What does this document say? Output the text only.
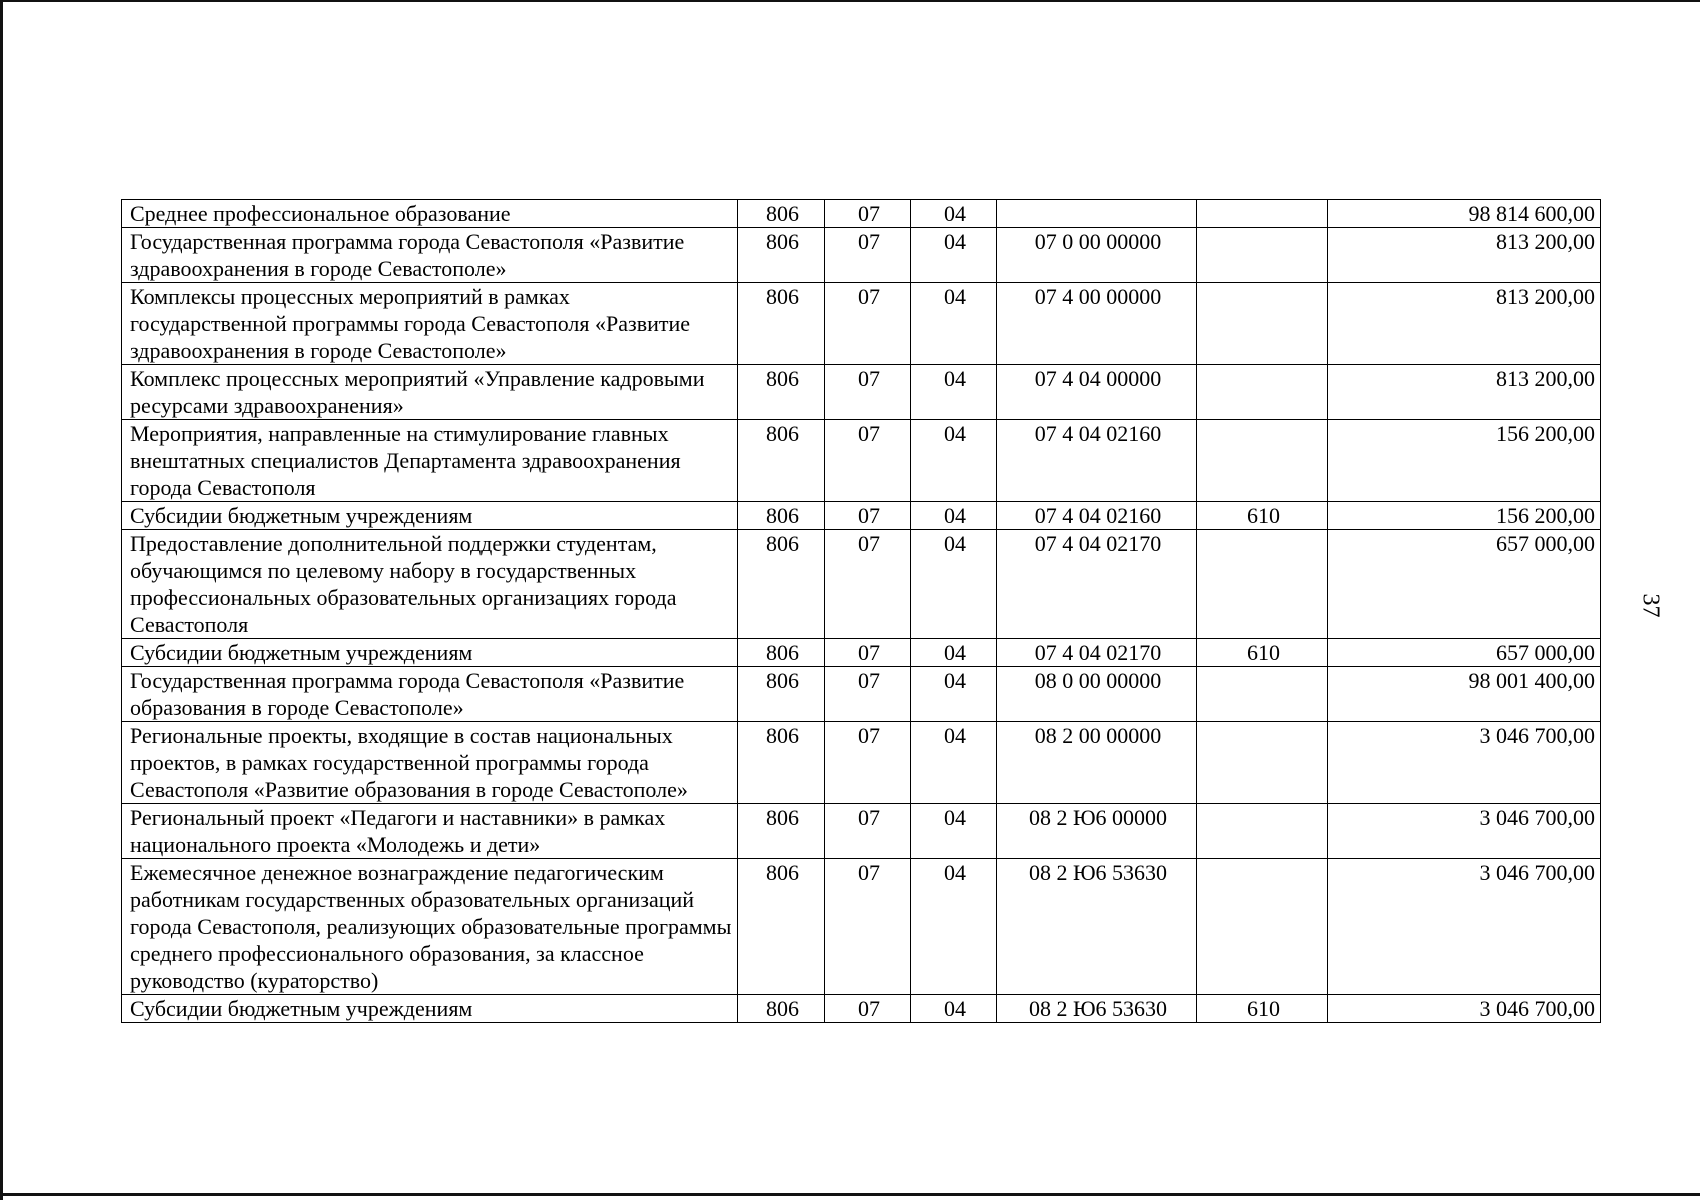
Среднее профессиональное образование	806	07	04			98 814 600,00
Государственная программа города Севастополя «Развитие здравоохранения в городе Севастополе»	806	07	04	07 0 00 00000		813 200,00
Комплексы процессных мероприятий в рамках государственной программы города Севастополя «Развитие здравоохранения в городе Севастополе»	806	07	04	07 4 00 00000		813 200,00
Комплекс процессных мероприятий «Управление кадровыми ресурсами здравоохранения»	806	07	04	07 4 04 00000		813 200,00
Мероприятия, направленные на стимулирование главных внештатных специалистов Департамента здравоохранения города Севастополя	806	07	04	07 4 04 02160		156 200,00
Субсидии бюджетным учреждениям	806	07	04	07 4 04 02160	610	156 200,00
Предоставление дополнительной поддержки студентам, обучающимся по целевому набору в государственных профессиональных образовательных организациях города Севастополя	806	07	04	07 4 04 02170		657 000,00
Субсидии бюджетным учреждениям	806	07	04	07 4 04 02170	610	657 000,00
Государственная программа города Севастополя «Развитие образования в городе Севастополе»	806	07	04	08 0 00 00000		98 001 400,00
Региональные проекты, входящие в состав национальных проектов, в рамках государственной программы города Севастополя «Развитие образования в городе Севастополе»	806	07	04	08 2 00 00000		3 046 700,00
Региональный проект «Педагоги и наставники» в рамках национального проекта «Молодежь и дети»	806	07	04	08 2 Ю6 00000		3 046 700,00
Ежемесячное денежное вознаграждение педагогическим работникам государственных образовательных организаций города Севастополя, реализующих образовательные программы среднего профессионального образования, за классное руководство (кураторство)	806	07	04	08 2 Ю6 53630		3 046 700,00
Субсидии бюджетным учреждениям	806	07	04	08 2 Ю6 53630	610	3 046 700,00
37
